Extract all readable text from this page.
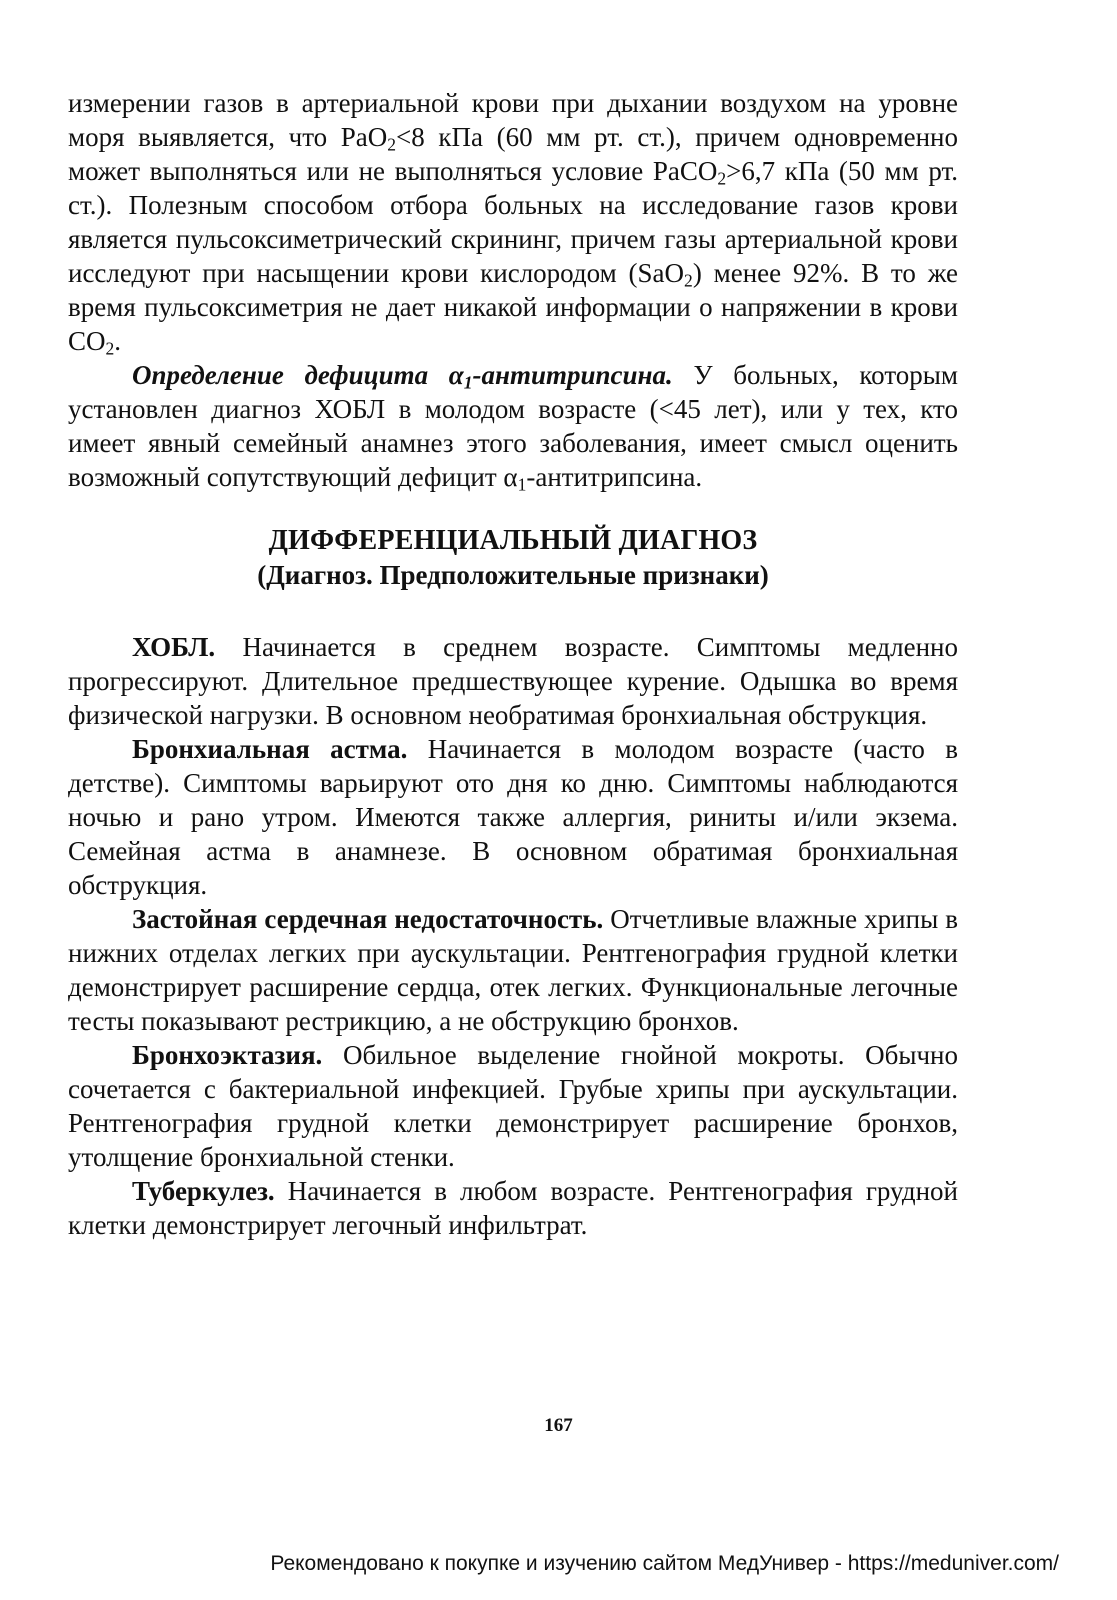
измерении газов в артериальной крови при дыхании воздухом на уровне моря выявляется, что PaO$_2$<8 кПа (60 мм рт. ст.), причем одновременно может выполняться или не выполняться условие PaCO$_2$>6,7 кПа (50 мм рт. ст.). Полезным способом отбора больных на исследование газов крови является пульсоксиметрический скрининг, причем газы артериальной крови исследуют при насыщении крови кислородом (SaO$_2$) менее 92%. В то же время пульсоксиметрия не дает никакой информации о напряжении в крови $CO_2$.

Определение дефицита $\alpha_1$-антитрипсина. У больных, которым установлен диагноз ХОБЛ в молодом возрасте (<45 лет), или у тех, кто имеет явный семейный анамнез этого заболевания, имеет смысл оценить возможный сопутствующий дефицит $\alpha_1$-антитрипсина.

ДИФФЕРЕНЦИАЛЬНЫЙ ДИАГНОЗ

(Диагноз. Предположительные признаки)

ХОБЛ. Начинается в среднем возрасте. Симптомы медленно прогрессируют. Длительное предшествующее курение. Одышка во время физической нагрузки. В основном необратимая бронхиальная обструкция.

Бронхиальная астма. Начинается в молодом возрасте (часто в детстве). Симптомы варьируют ото дня ко дню. Симптомы наблюдаются ночью и рано утром. Имеются также аллергия, риниты и/или экзема. Семейная астма в анамнезе. В основном обратимая бронхиальная обструкция.

Застойная сердечная недостаточность. Отчетливые влажные хрипы в нижних отделах легких при аускультации. Рентгенография грудной клетки демонстрирует расширение сердца, отек легких. Функциональные легочные тесты показывают рестрикцию, а не обструкцию бронхов.

Бронхоэктазия. Обильное выделение гнойной мокроты. Обычно сочетается с бактериальной инфекцией. Грубые хрипы при аускультации. Рентгенография грудной клетки демонстрирует расширение бронхов, утолщение бронхиальной стенки.

Туберкулез. Начинается в любом возрасте. Рентгенография грудной клетки демонстрирует легочный инфильтрат.

167
Рекомендовано к покупке и изучению сайтом МедУнивер - https://meduniver.com/
